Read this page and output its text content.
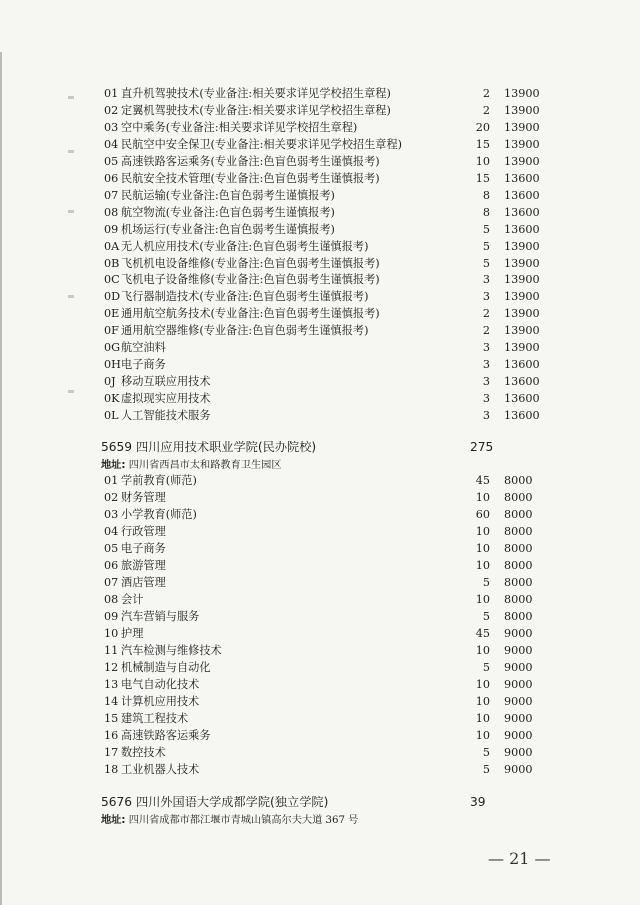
01 直升机驾驶技术(专业备注:相关要求详见学校招生章程)	2 13900
02 定翼机驾驶技术(专业备注:相关要求详见学校招生章程)	2 13900
03 空中乘务(专业备注:相关要求详见学校招生章程)	20 13900
04 民航空中安全保卫(专业备注:相关要求详见学校招生章程)	15 13900
05 高速铁路客运乘务(专业备注:色盲色弱考生谨慎报考)	10 13900
06 民航安全技术管理(专业备注:色盲色弱考生谨慎报考)	15 13600
07 民航运输(专业备注:色盲色弱考生谨慎报考)	8 13600
08 航空物流(专业备注:色盲色弱考生谨慎报考)	8 13600
09 机场运行(专业备注:色盲色弱考生谨慎报考)	5 13600
0A 无人机应用技术(专业备注:色盲色弱考生谨慎报考)	5 13900
0B 飞机机电设备维修(专业备注:色盲色弱考生谨慎报考)	5 13900
0C 飞机电子设备维修(专业备注:色盲色弱考生谨慎报考)	3 13900
0D 飞行器制造技术(专业备注:色盲色弱考生谨慎报考)	3 13900
0E 通用航空航务技术(专业备注:色盲色弱考生谨慎报考)	2 13900
0F 通用航空器维修(专业备注:色盲色弱考生谨慎报考)	2 13900
0G 航空油料	3 13900
0H 电子商务	3 13600
0J 移动互联应用技术	3 13600
0K 虚拟现实应用技术	3 13600
0L 人工智能技术服务	3 13600
5659 四川应用技术职业学院(民办院校)	275
地址: 四川省西昌市太和路教育卫生园区
01 学前教育(师范)	45 8000
02 财务管理	10 8000
03 小学教育(师范)	60 8000
04 行政管理	10 8000
05 电子商务	10 8000
06 旅游管理	10 8000
07 酒店管理	5 8000
08 会计	10 8000
09 汽车营销与服务	5 8000
10 护理	45 9000
11 汽车检测与维修技术	10 9000
12 机械制造与自动化	5 9000
13 电气自动化技术	10 9000
14 计算机应用技术	10 9000
15 建筑工程技术	10 9000
16 高速铁路客运乘务	10 9000
17 数控技术	5 9000
18 工业机器人技术	5 9000
5676 四川外国语大学成都学院(独立学院)	39
地址: 四川省成都市都江堰市青城山镇高尔夫大道 367 号
— 21 —
